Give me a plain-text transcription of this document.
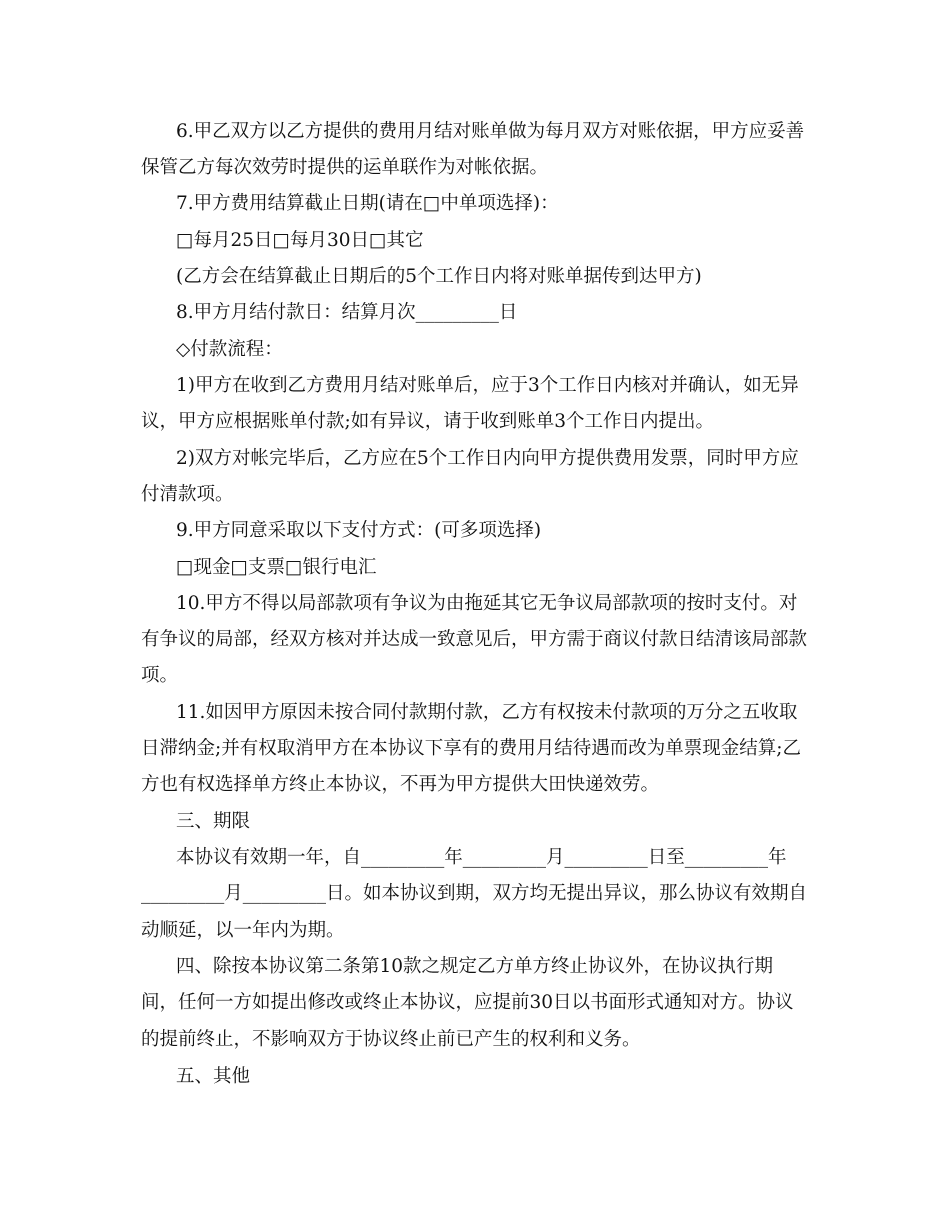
6.甲乙双方以乙方提供的费用月结对账单做为每月双方对账依据，甲方应妥善
保管乙方每次效劳时提供的运单联作为对帐依据。
7.甲方费用结算截止日期(请在□中单项选择)：
□每月25日□每月30日□其它
(乙方会在结算截止日期后的5个工作日内将对账单据传到达甲方)
8.甲方月结付款日：结算月次_________日
◇付款流程：
1)甲方在收到乙方费用月结对账单后，应于3个工作日内核对并确认，如无异
议，甲方应根据账单付款;如有异议，请于收到账单3个工作日内提出。
2)双方对帐完毕后，乙方应在5个工作日内向甲方提供费用发票，同时甲方应
付清款项。
9.甲方同意采取以下支付方式：(可多项选择)
□现金□支票□银行电汇
10.甲方不得以局部款项有争议为由拖延其它无争议局部款项的按时支付。对
有争议的局部，经双方核对并达成一致意见后，甲方需于商议付款日结清该局部款
项。
11.如因甲方原因未按合同付款期付款，乙方有权按未付款项的万分之五收取
日滞纳金;并有权取消甲方在本协议下享有的费用月结待遇而改为单票现金结算;乙
方也有权选择单方终止本协议，不再为甲方提供大田快递效劳。
三、期限
本协议有效期一年，自_________年_________月_________日至_________年
_________月_________日。如本协议到期，双方均无提出异议，那么协议有效期自
动顺延，以一年内为期。
四、除按本协议第二条第10款之规定乙方单方终止协议外，在协议执行期
间，任何一方如提出修改或终止本协议，应提前30日以书面形式通知对方。协议
的提前终止，不影响双方于协议终止前已产生的权利和义务。
五、其他
